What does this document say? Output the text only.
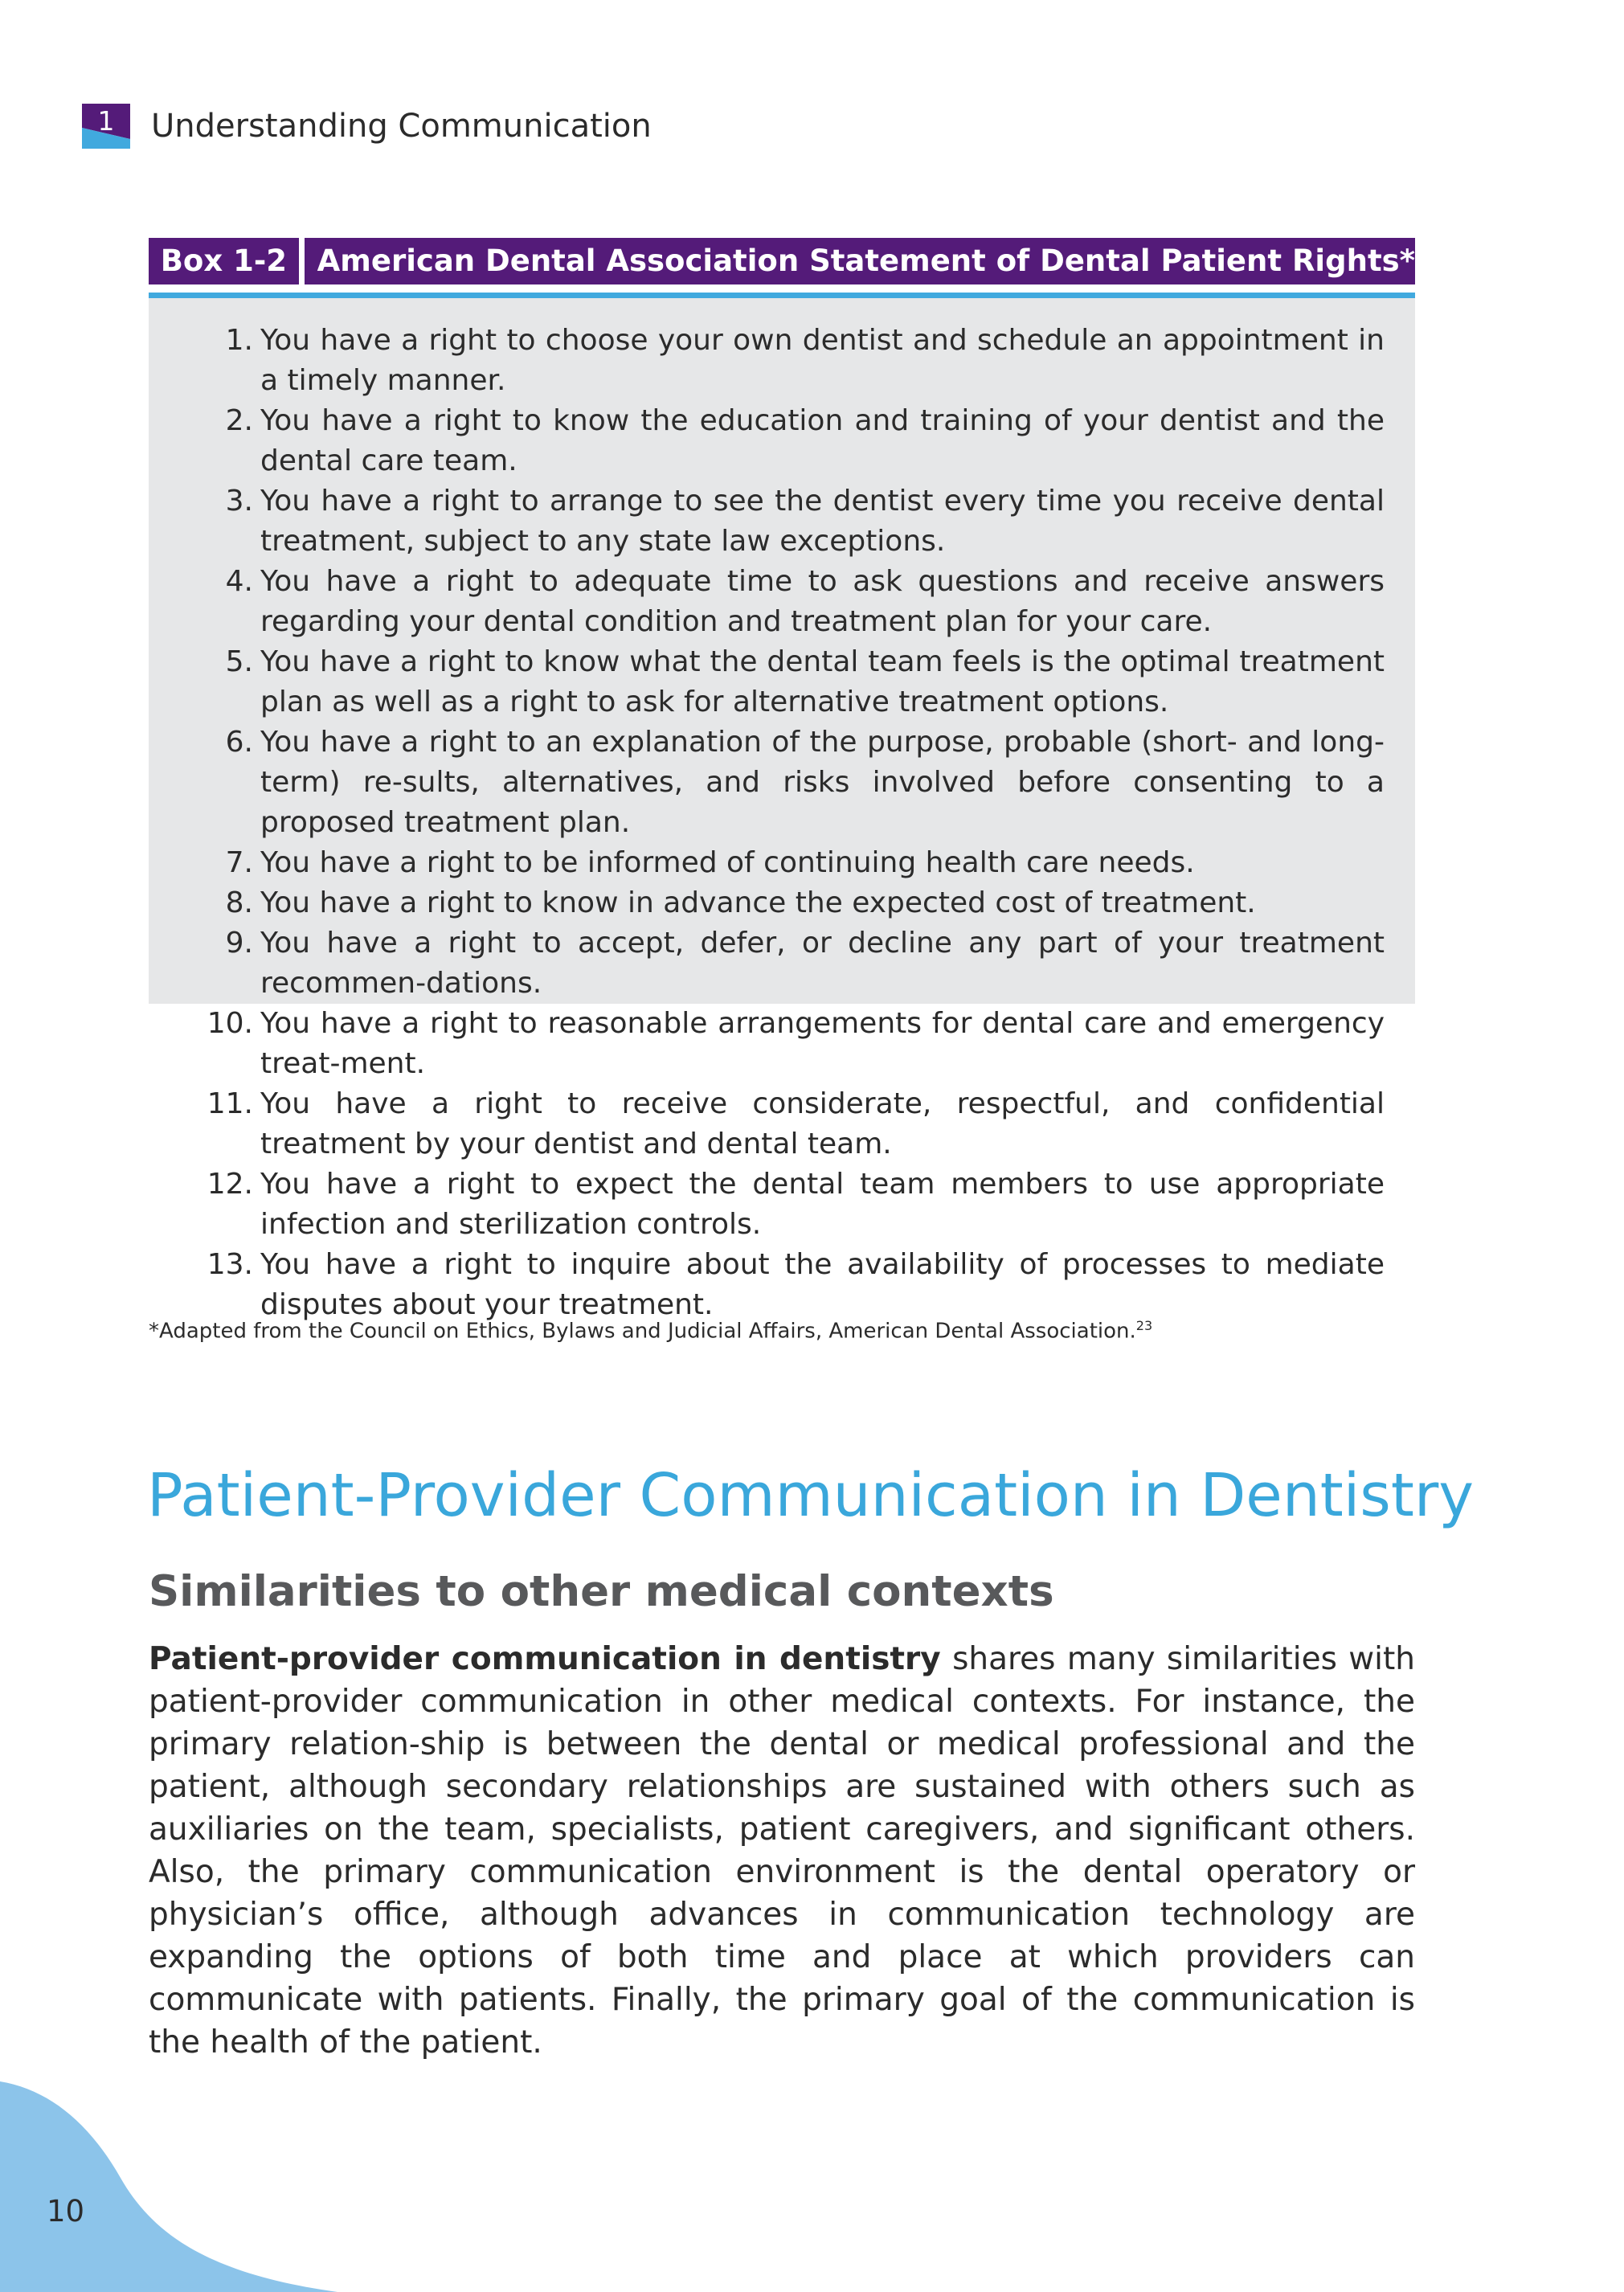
1	Understanding Communication
Box 1-2	American Dental Association Statement of Dental Patient Rights*
1. You have a right to choose your own dentist and schedule an appointment in a timely manner.
2. You have a right to know the education and training of your dentist and the dental care team.
3. You have a right to arrange to see the dentist every time you receive dental treatment, subject to any state law exceptions.
4. You have a right to adequate time to ask questions and receive answers regarding your dental condition and treatment plan for your care.
5. You have a right to know what the dental team feels is the optimal treatment plan as well as a right to ask for alternative treatment options.
6. You have a right to an explanation of the purpose, probable (short- and long-term) re-sults, alternatives, and risks involved before consenting to a proposed treatment plan.
7. You have a right to be informed of continuing health care needs.
8. You have a right to know in advance the expected cost of treatment.
9. You have a right to accept, defer, or decline any part of your treatment recommen-dations.
10. You have a right to reasonable arrangements for dental care and emergency treat-ment.
11. You have a right to receive considerate, respectful, and confidential treatment by your dentist and dental team.
12. You have a right to expect the dental team members to use appropriate infection and sterilization controls.
13. You have a right to inquire about the availability of processes to mediate disputes about your treatment.
*Adapted from the Council on Ethics, Bylaws and Judicial Affairs, American Dental Association.$^{23}$
Patient-Provider Communication in Dentistry
Similarities to other medical contexts

Patient-provider communication in dentistry shares many similarities with patient-provider communication in other medical contexts. For instance, the primary relation-ship is between the dental or medical professional and the patient, although secondary relationships are sustained with others such as auxiliaries on the team, specialists, patient caregivers, and significant others. Also, the primary communication environment is the dental operatory or physician’s office, although advances in communication technology are expanding the options of both time and place at which providers can communicate with patients. Finally, the primary goal of the communication is the health of the patient.

10
